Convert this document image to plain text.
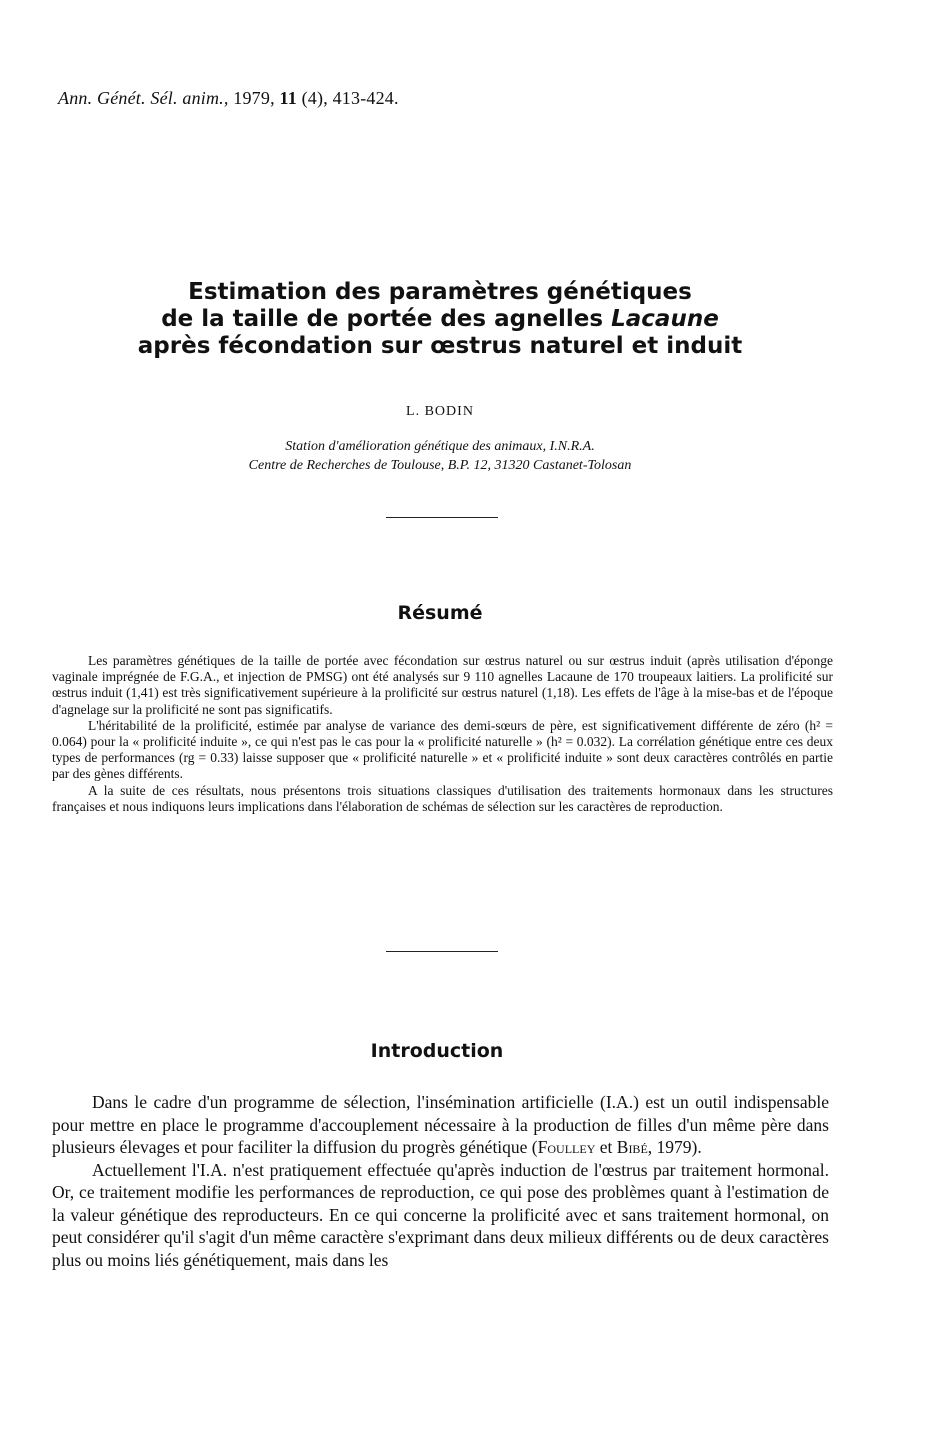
Ann. Génét. Sél. anim., 1979, 11 (4), 413-424.
Estimation des paramètres génétiques
de la taille de portée des agnelles Lacaune
après fécondation sur œstrus naturel et induit
L. BODIN
Station d'amélioration génétique des animaux, I.N.R.A.
Centre de Recherches de Toulouse, B.P. 12, 31320 Castanet-Tolosan
Résumé

Les paramètres génétiques de la taille de portée avec fécondation sur œstrus naturel ou sur œstrus induit (après utilisation d'éponge vaginale imprégnée de F.G.A., et injection de PMSG) ont été analysés sur 9 110 agnelles Lacaune de 170 troupeaux laitiers. La prolificité sur œstrus induit (1,41) est très significativement supérieure à la prolificité sur œstrus naturel (1,18). Les effets de l'âge à la mise-bas et de l'époque d'agnelage sur la prolificité ne sont pas significatifs.

L'héritabilité de la prolificité, estimée par analyse de variance des demi-sœurs de père, est significativement différente de zéro (h² = 0.064) pour la « prolificité induite », ce qui n'est pas le cas pour la « prolificité naturelle » (h² = 0.032). La corrélation génétique entre ces deux types de performances (rg = 0.33) laisse supposer que « prolificité naturelle » et « prolificité induite » sont deux caractères contrôlés en partie par des gènes différents.

A la suite de ces résultats, nous présentons trois situations classiques d'utilisation des traitements hormonaux dans les structures françaises et nous indiquons leurs implications dans l'élaboration de schémas de sélection sur les caractères de reproduction.

Introduction

Dans le cadre d'un programme de sélection, l'insémination artificielle (I.A.) est un outil indispensable pour mettre en place le programme d'accouplement nécessaire à la production de filles d'un même père dans plusieurs élevages et pour faciliter la diffusion du progrès génétique (Foulley et Bibé, 1979).

Actuellement l'I.A. n'est pratiquement effectuée qu'après induction de l'œstrus par traitement hormonal. Or, ce traitement modifie les performances de reproduction, ce qui pose des problèmes quant à l'estimation de la valeur génétique des reproducteurs. En ce qui concerne la prolificité avec et sans traitement hormonal, on peut considérer qu'il s'agit d'un même caractère s'exprimant dans deux milieux différents ou de deux caractères plus ou moins liés génétiquement, mais dans les
